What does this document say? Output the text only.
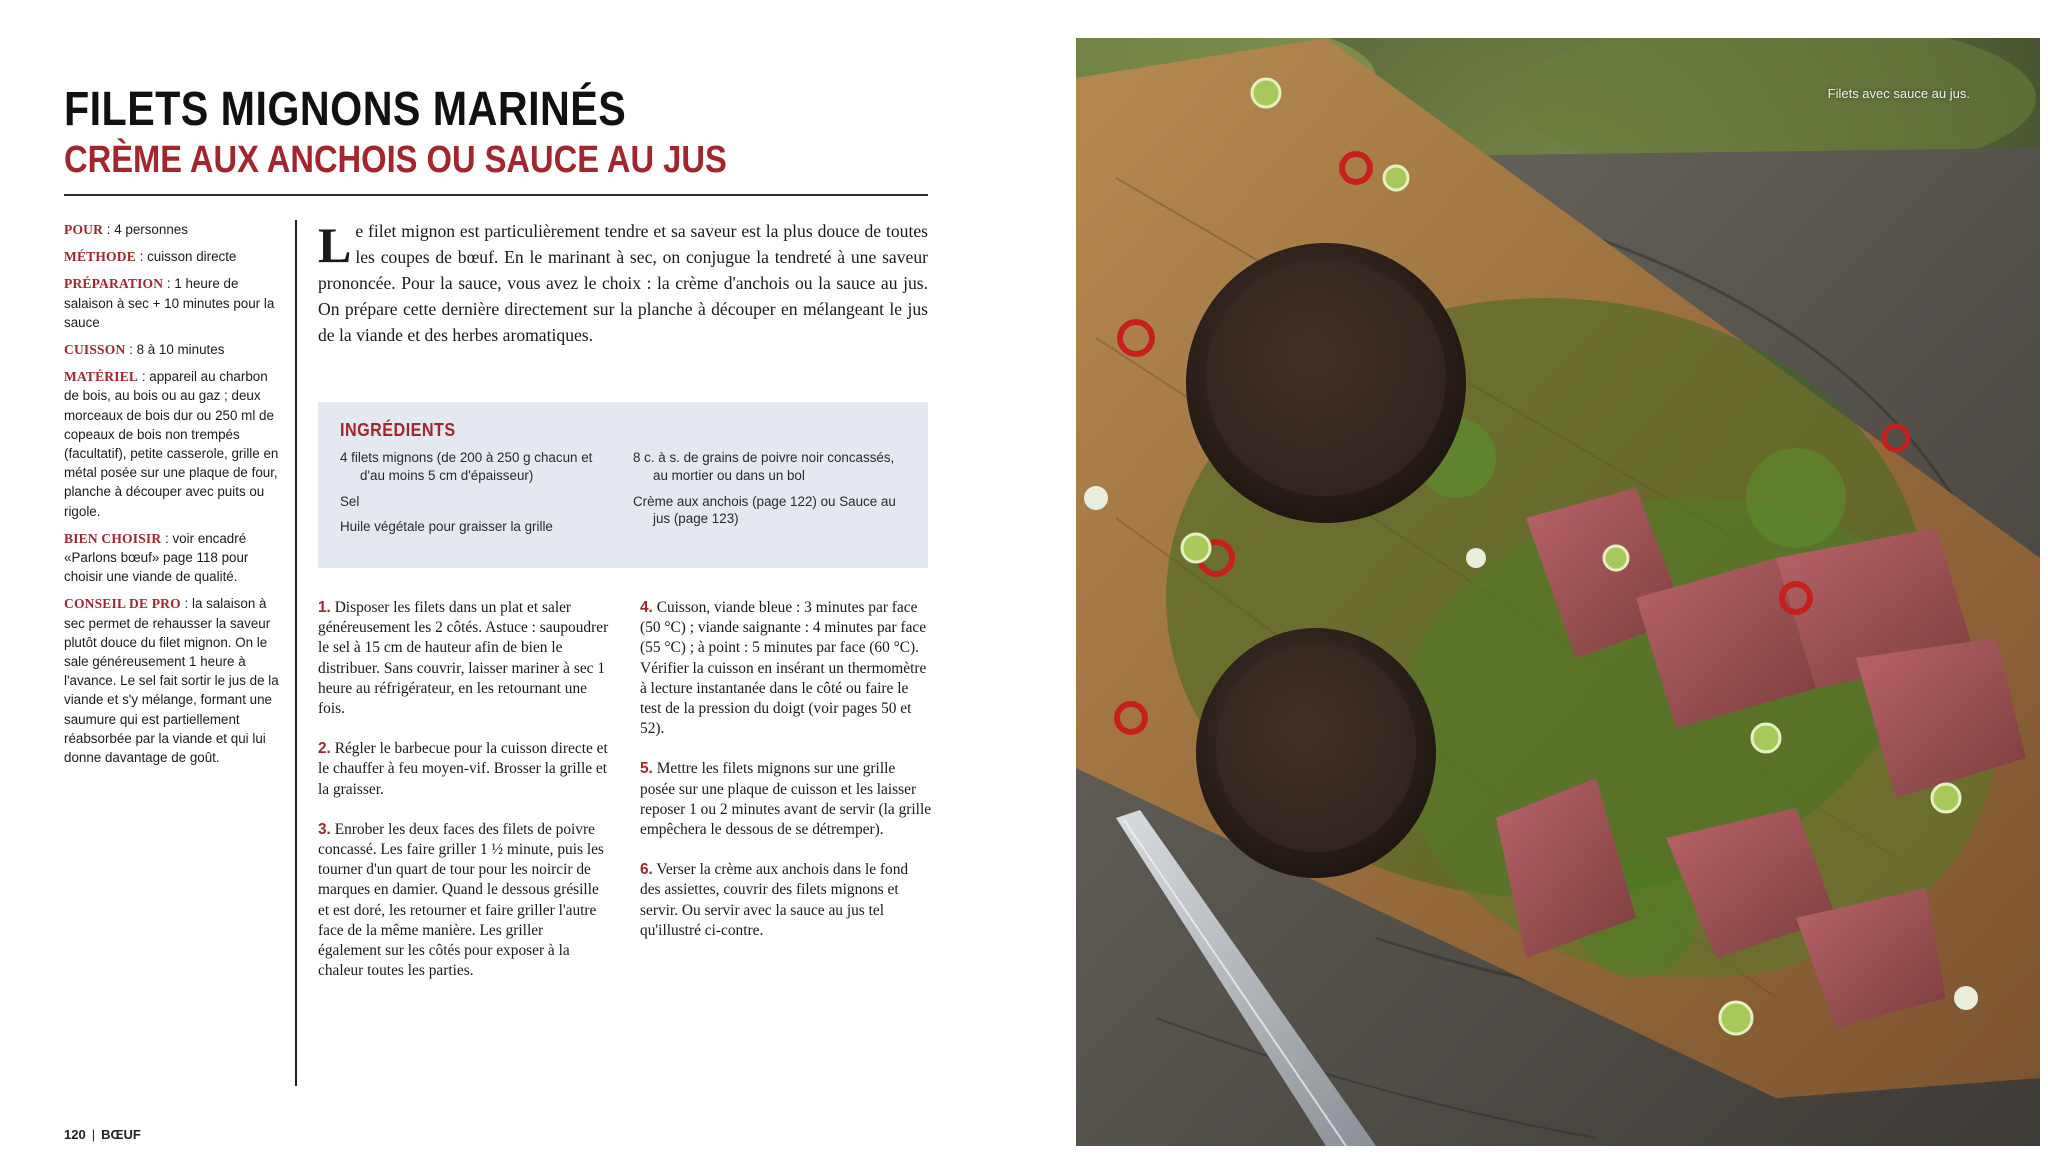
FILETS MIGNONS MARINÉS
CRÈME AUX ANCHOIS OU SAUCE AU JUS

POUR : 4 personnes

MÉTHODE : cuisson directe

PRÉPARATION : 1 heure de salaison à sec + 10 minutes pour la sauce

CUISSON : 8 à 10 minutes

MATÉRIEL : appareil au charbon de bois, au bois ou au gaz ; deux morceaux de bois dur ou 250 ml de copeaux de bois non trempés (facultatif), petite casserole, grille en métal posée sur une plaque de four, planche à découper avec puits ou rigole.

BIEN CHOISIR : voir encadré «Parlons bœuf» page 118 pour choisir une viande de qualité.

CONSEIL DE PRO : la salaison à sec permet de rehausser la saveur plutôt douce du filet mignon. On le sale généreusement 1 heure à l'avance. Le sel fait sortir le jus de la viande et s'y mélange, formant une saumure qui est partiellement réabsorbée par la viande et qui lui donne davantage de goût.

Le filet mignon est particulièrement tendre et sa saveur est la plus douce de toutes les coupes de bœuf. En le marinant à sec, on conjugue la tendreté à une saveur prononcée. Pour la sauce, vous avez le choix : la crème d'anchois ou la sauce au jus. On prépare cette dernière directement sur la planche à découper en mélangeant le jus de la viande et des herbes aromatiques.
INGRÉDIENTS
4 filets mignons (de 200 à 250 g chacun et d'au moins 5 cm d'épaisseur)
Sel
Huile végétale pour graisser la grille
8 c. à s. de grains de poivre noir concassés, au mortier ou dans un bol
Crème aux anchois (page 122) ou Sauce au jus (page 123)

1. Disposer les filets dans un plat et saler généreusement les 2 côtés. Astuce : saupoudrer le sel à 15 cm de hauteur afin de bien le distribuer. Sans couvrir, laisser mariner à sec 1 heure au réfrigérateur, en les retournant une fois.

2. Régler le barbecue pour la cuisson directe et le chauffer à feu moyen-vif. Brosser la grille et la graisser.

3. Enrober les deux faces des filets de poivre concassé. Les faire griller 1 ½ minute, puis les tourner d'un quart de tour pour les noircir de marques en damier. Quand le dessous grésille et est doré, les retourner et faire griller l'autre face de la même manière. Les griller également sur les côtés pour exposer à la chaleur toutes les parties.

4. Cuisson, viande bleue : 3 minutes par face (50 °C) ; viande saignante : 4 minutes par face (55 °C) ; à point : 5 minutes par face (60 °C). Vérifier la cuisson en insérant un thermomètre à lecture instantanée dans le côté ou faire le test de la pression du doigt (voir pages 50 et 52).

5. Mettre les filets mignons sur une grille posée sur une plaque de cuisson et les laisser reposer 1 ou 2 minutes avant de servir (la grille empêchera le dessous de se détremper).

6. Verser la crème aux anchois dans le fond des assiettes, couvrir des filets mignons et servir. Ou servir avec la sauce au jus tel qu'illustré ci-contre.

120 | BŒUF
Filets avec sauce au jus.
